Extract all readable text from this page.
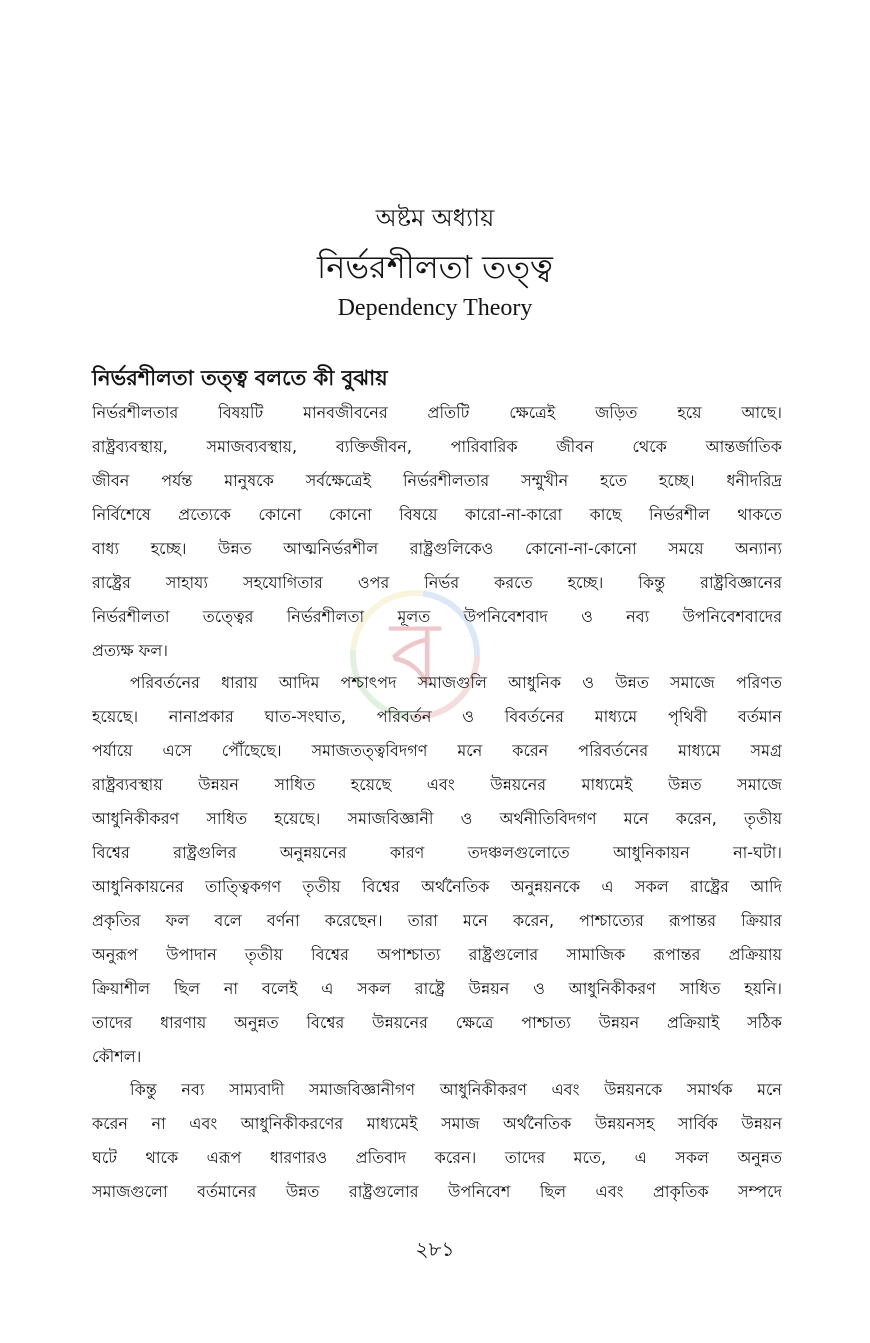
ব
অষ্টম অধ্যায়
নির্ভরশীলতা তত্ত্ব
Dependency Theory
নির্ভরশীলতা তত্ত্ব বলতে কী বুঝায়
নির্ভরশীলতার বিষয়টি মানবজীবনের প্রতিটি ক্ষেত্রেই জড়িত হয়ে আছে।
রাষ্ট্রব্যবস্থায়, সমাজব্যবস্থায়, ব্যক্তিজীবন, পারিবারিক জীবন থেকে আন্তর্জাতিক
জীবন পর্যন্ত মানুষকে সর্বক্ষেত্রেই নির্ভরশীলতার সম্মুখীন হতে হচ্ছে। ধনীদরিদ্র
নির্বিশেষে প্রত্যেকে কোনো কোনো বিষয়ে কারো-না-কারো কাছে নির্ভরশীল থাকতে
বাধ্য হচ্ছে। উন্নত আত্মনির্ভরশীল রাষ্ট্রগুলিকেও কোনো-না-কোনো সময়ে অন্যান্য
রাষ্ট্রের সাহায্য সহযোগিতার ওপর নির্ভর করতে হচ্ছে। কিন্তু রাষ্ট্রবিজ্ঞানের
নির্ভরশীলতা তত্ত্বের নির্ভরশীলতা মূলত উপনিবেশবাদ ও নব্য উপনিবেশবাদের
প্রত্যক্ষ ফল।
পরিবর্তনের ধারায় আদিম পশ্চাৎপদ সমাজগুলি আধুনিক ও উন্নত সমাজে পরিণত
হয়েছে। নানাপ্রকার ঘাত-সংঘাত, পরিবর্তন ও বিবর্তনের মাধ্যমে পৃথিবী বর্তমান
পর্যায়ে এসে পৌঁছেছে। সমাজতত্ত্ববিদগণ মনে করেন পরিবর্তনের মাধ্যমে সমগ্র
রাষ্ট্রব্যবস্থায় উন্নয়ন সাধিত হয়েছে এবং উন্নয়নের মাধ্যমেই উন্নত সমাজে
আধুনিকীকরণ সাধিত হয়েছে। সমাজবিজ্ঞানী ও অর্থনীতিবিদগণ মনে করেন, তৃতীয়
বিশ্বের রাষ্ট্রগুলির অনুন্নয়নের কারণ তদঞ্চলগুলোতে আধুনিকায়ন না-ঘটা।
আধুনিকায়নের তাত্ত্বিকগণ তৃতীয় বিশ্বের অর্থনৈতিক অনুন্নয়নকে এ সকল রাষ্ট্রের আদি
প্রকৃতির ফল বলে বর্ণনা করেছেন। তারা মনে করেন, পাশ্চাত্যের রূপান্তর ক্রিয়ার
অনুরূপ উপাদান তৃতীয় বিশ্বের অপাশ্চাত্য রাষ্ট্রগুলোর সামাজিক রূপান্তর প্রক্রিয়ায়
ক্রিয়াশীল ছিল না বলেই এ সকল রাষ্ট্রে উন্নয়ন ও আধুনিকীকরণ সাধিত হয়নি।
তাদের ধারণায় অনুন্নত বিশ্বের উন্নয়নের ক্ষেত্রে পাশ্চাত্য উন্নয়ন প্রক্রিয়াই সঠিক
কৌশল।
কিন্তু নব্য সাম্যবাদী সমাজবিজ্ঞানীগণ আধুনিকীকরণ এবং উন্নয়নকে সমার্থক মনে
করেন না এবং আধুনিকীকরণের মাধ্যমেই সমাজ অর্থনৈতিক উন্নয়নসহ সার্বিক উন্নয়ন
ঘটে থাকে এরূপ ধারণারও প্রতিবাদ করেন। তাদের মতে, এ সকল অনুন্নত
সমাজগুলো বর্তমানের উন্নত রাষ্ট্রগুলোর উপনিবেশ ছিল এবং প্রাকৃতিক সম্পদে
২৮১
